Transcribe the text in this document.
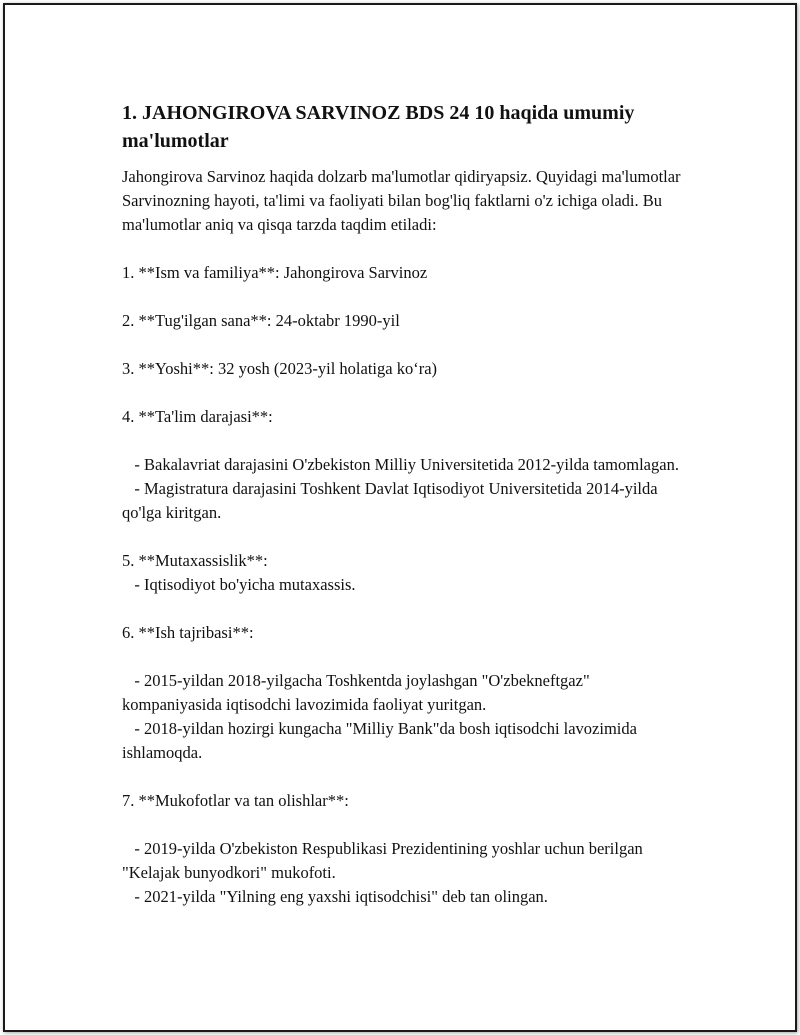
1. JAHONGIROVA SARVINOZ BDS 24 10 haqida umumiy ma'lumotlar

Jahongirova Sarvinoz haqida dolzarb ma'lumotlar qidiryapsiz. Quyidagi ma'lumotlar Sarvinozning hayoti, ta'limi va faoliyati bilan bog'liq faktlarni o'z ichiga oladi. Bu ma'lumotlar aniq va qisqa tarzda taqdim etiladi:

1. **Ism va familiya**: Jahongirova Sarvinoz

2. **Tug'ilgan sana**: 24-oktabr 1990-yil

3. **Yoshi**: 32 yosh (2023-yil holatiga ko‘ra)

4. **Ta'lim darajasi**:

- Bakalavriat darajasini O'zbekiston Milliy Universitetida 2012-yilda tamomlagan.

- Magistratura darajasini Toshkent Davlat Iqtisodiyot Universitetida 2014-yilda qo'lga kiritgan.

5. **Mutaxassislik**:

- Iqtisodiyot bo'yicha mutaxassis.

6. **Ish tajribasi**:

- 2015-yildan 2018-yilgacha Toshkentda joylashgan "O'zbekneftgaz" kompaniyasida iqtisodchi lavozimida faoliyat yuritgan.

- 2018-yildan hozirgi kungacha "Milliy Bank"da bosh iqtisodchi lavozimida ishlamoqda.

7. **Mukofotlar va tan olishlar**:

- 2019-yilda O'zbekiston Respublikasi Prezidentining yoshlar uchun berilgan "Kelajak bunyodkori" mukofoti.

- 2021-yilda "Yilning eng yaxshi iqtisodchisi" deb tan olingan.
